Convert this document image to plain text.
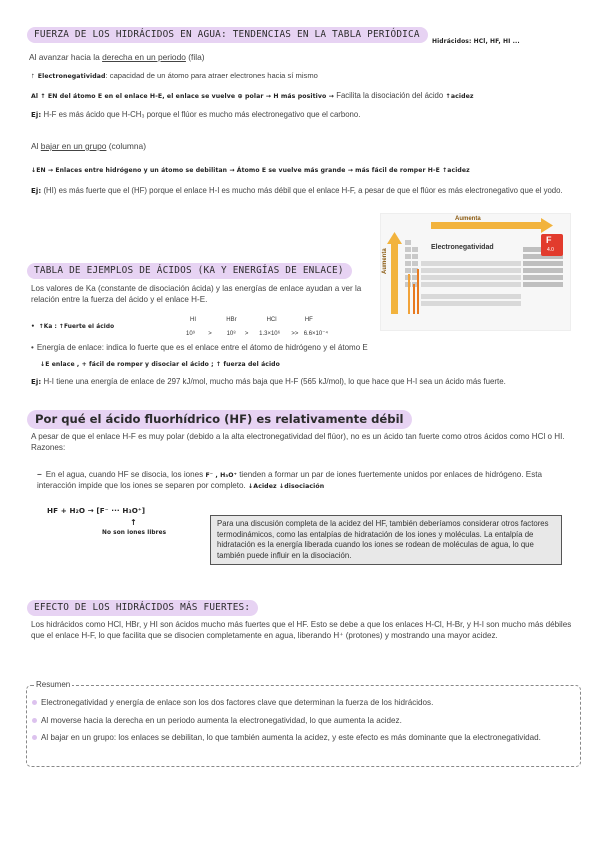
FUERZA DE LOS HIDRÁCIDOS EN AGUA: TENDENCIAS EN LA TABLA PERIÓDICA
Hidrácidos: HCl, HF, HI ...
Al avanzar hacia la derecha en un periodo (fila)
↑ Electronegatividad: capacidad de un átomo para atraer electrones hacia sí mismo
Al ↑ EN del átomo E en el enlace H-E, el enlace se vuelve ⊕ polar → H más positivo → Facilita la disociación del ácido ↑acidez
Ej: H-F es más ácido que H-CH₃ porque el flúor es mucho más electronegativo que el carbono.
Al bajar en un grupo (columna)
↓EN → Enlaces entre hidrógeno y un átomo se debilitan → Átomo E se vuelve más grande → más fácil de romper H-E ↑acidez
Ej: (HI) es más fuerte que el (HF) porque el enlace H-I es mucho más débil que el enlace H-F, a pesar de que el flúor es más electronegativo que el yodo.
Aumenta
Aumenta
Electronegatividad
F
4.0
TABLA DE EJEMPLOS DE ÁCIDOS (KA Y ENERGÍAS DE ENLACE)
Los valores de Ka (constante de disociación ácida) y las energías de enlace ayudan a ver la relación entre la fuerza del ácido y el enlace H-E.
• ↑Ka : ↑Fuerte el ácido
HI	HBr	HCl	HF
10⁹ > 10⁸ > 1.3×10⁶ >> 6.6×10⁻⁴
• Energía de enlace: indica lo fuerte que es el enlace entre el átomo de hidrógeno y el átomo E
↓E enlace , + fácil de romper y disociar el ácido ; ↑ fuerza del ácido
Ej: H-I tiene una energía de enlace de 297 kJ/mol, mucho más baja que H-F (565 kJ/mol), lo que hace que H-I sea un ácido más fuerte.
Por qué el ácido fluorhídrico (HF) es relativamente débil
A pesar de que el enlace H-F es muy polar (debido a la alta electronegatividad del flúor), no es un ácido tan fuerte como otros ácidos como HCl o HI. Razones:
− En el agua, cuando HF se disocia, los iones F⁻ , H₃O⁺ tienden a formar un par de iones fuertemente unidos por enlaces de hidrógeno. Esta interacción impide que los iones se separen por completo. ↓Acidez ↓disociación
HF + H₂O → [F⁻ ··· H₃O⁺]
↑
No son iones libres
Para una discusión completa de la acidez del HF, también deberíamos considerar otros factores termodinámicos, como las entalpías de hidratación de los iones y moléculas. La entalpía de hidratación es la energía liberada cuando los iones se rodean de moléculas de agua, lo que también puede influir en la disociación.
EFECTO DE LOS HIDRÁCIDOS MÁS FUERTES:
Los hidrácidos como HCl, HBr, y HI son ácidos mucho más fuertes que el HF. Esto se debe a que los enlaces H-Cl, H-Br, y H-I son mucho más débiles que el enlace H-F, lo que facilita que se disocien completamente en agua, liberando H⁺ (protones) y mostrando una mayor acidez.
Resumen
Electronegatividad y energía de enlace son los dos factores clave que determinan la fuerza de los hidrácidos.
Al moverse hacia la derecha en un periodo aumenta la electronegatividad, lo que aumenta la acidez.
Al bajar en un grupo: los enlaces se debilitan, lo que también aumenta la acidez, y este efecto es más dominante que la electronegatividad.
